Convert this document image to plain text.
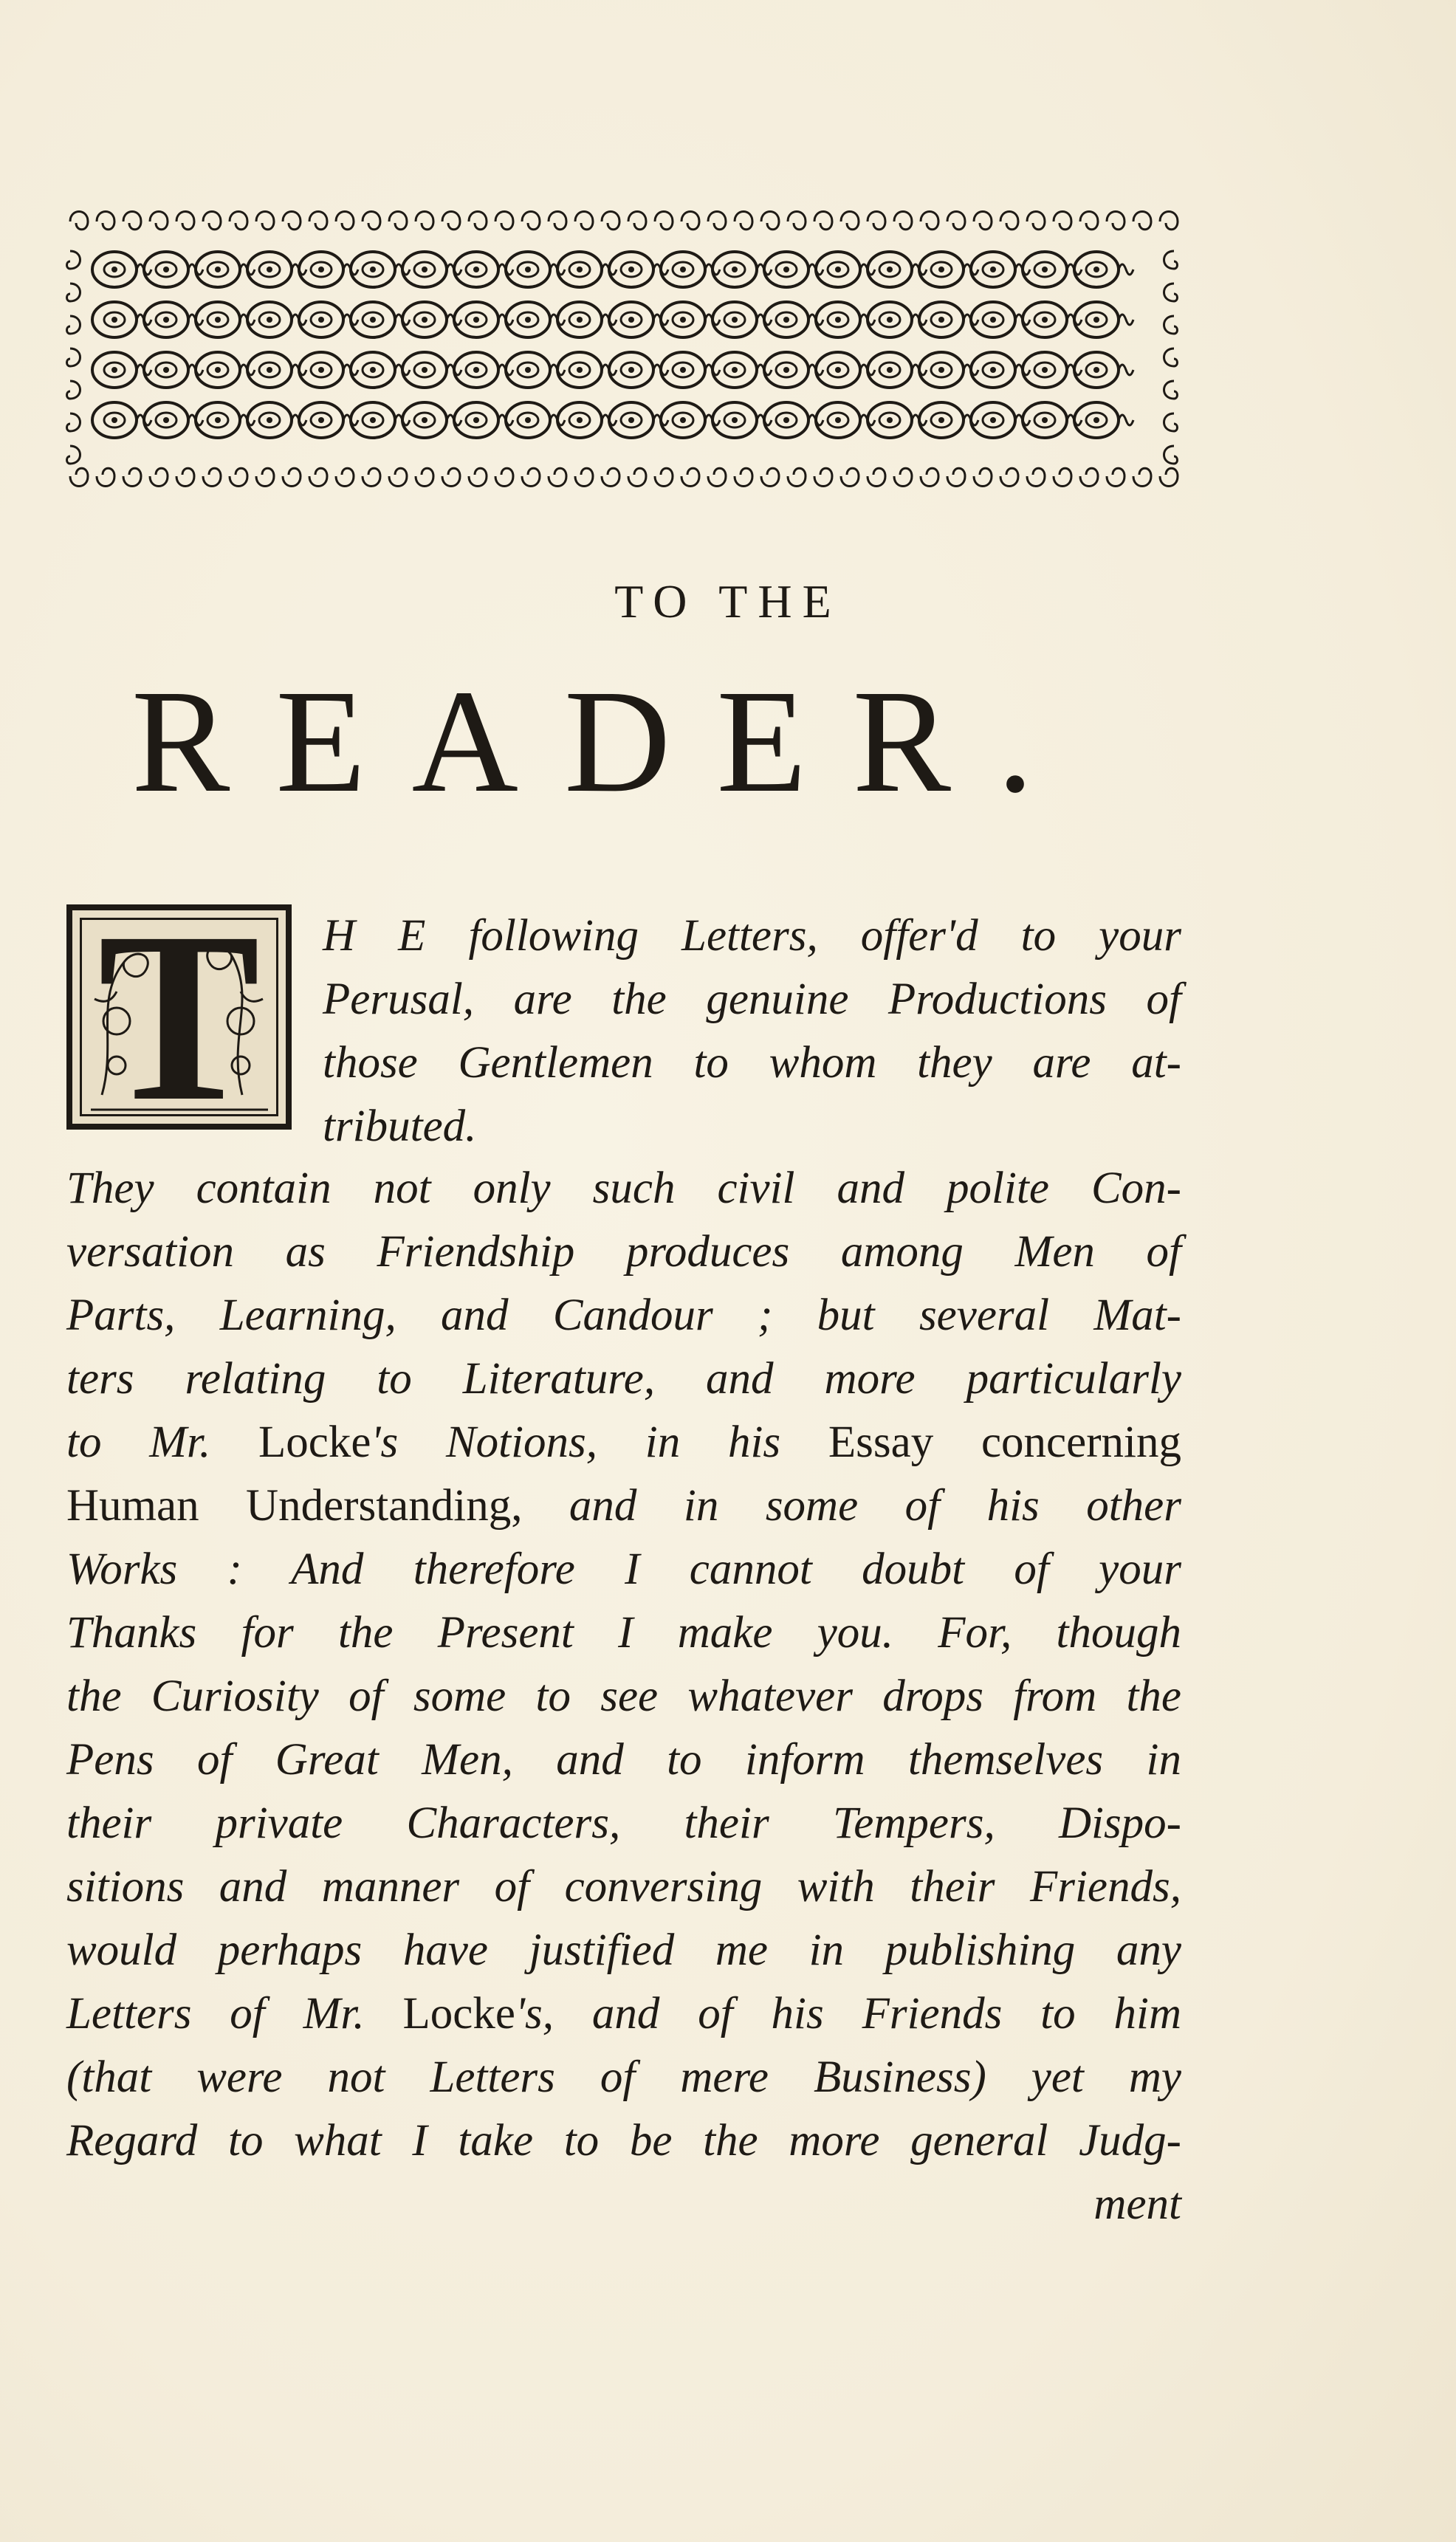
TO THE
READER.
T	H E following Letters, offer'd to your
Perusal, are the genuine Productions of
those Gentlemen to whom they are at-
tributed.
They contain not only such civil and polite Con-
versation as Friendship produces among Men of
Parts, Learning, and Candour ; but several Mat-
ters relating to Literature, and more particularly
to Mr. Locke's Notions, in his Essay concerning
Human Understanding, and in some of his other
Works : And therefore I cannot doubt of your
Thanks for the Present I make you. For, though
the Curiosity of some to see whatever drops from the
Pens of Great Men, and to inform themselves in
their private Characters, their Tempers, Dispo-
sitions and manner of conversing with their Friends,
would perhaps have justified me in publishing any
Letters of Mr. Locke's, and of his Friends to him
(that were not Letters of mere Business) yet my
Regard to what I take to be the more general Judg-
ment
